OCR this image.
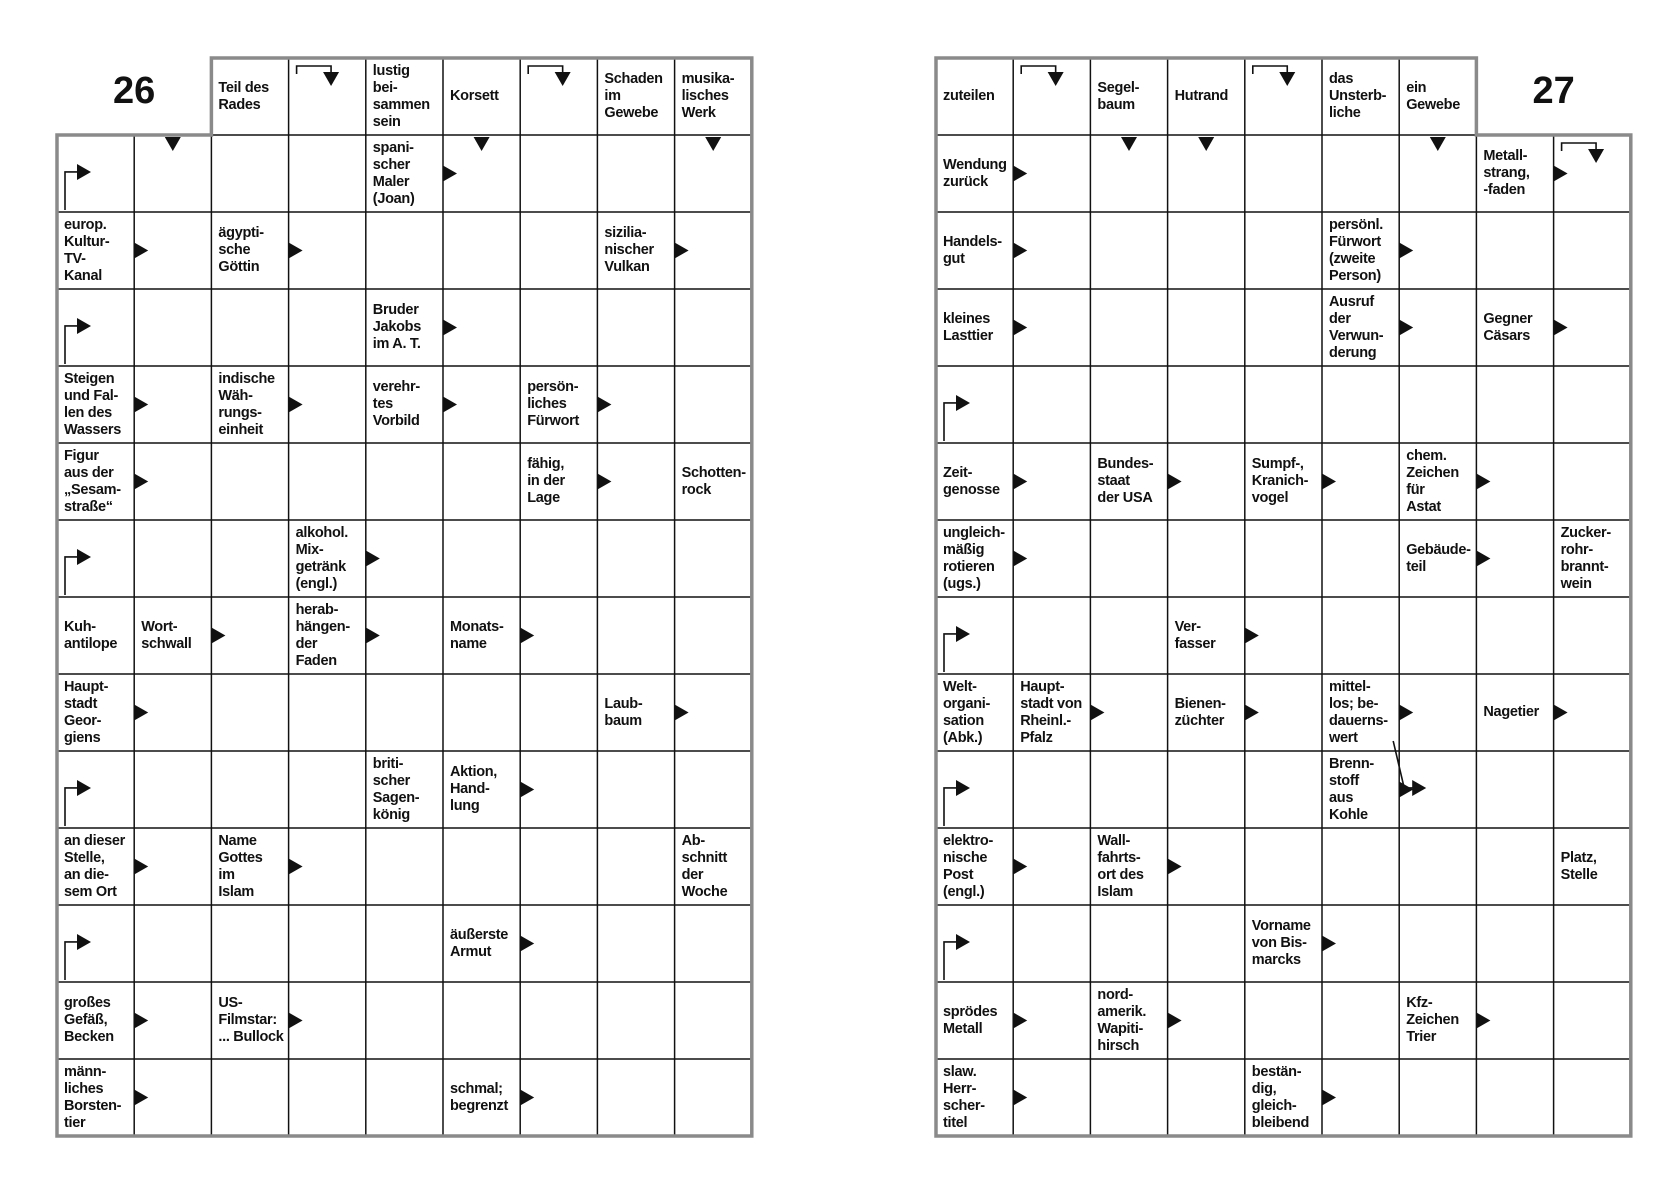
26	27
Teil des
Rades
lustig
bei-
sammen
sein
Korsett
Schaden
im
Gewebe
musika-
lisches
Werk
spani-
scher
Maler
(Joan)
europ.
Kultur-
TV-
Kanal
ägypti-
sche
Göttin
sizilia-
nischer
Vulkan
Bruder
Jakobs
im A. T.
Steigen
und Fal-
len des
Wassers
indische
Wäh-
rungs-
einheit
verehr-
tes
Vorbild
persön-
liches
Fürwort
Figur
aus der
„Sesam-
straße“
fähig,
in der
Lage
Schotten-
rock
alkohol.
Mix-
getränk
(engl.)
Kuh-
antilope
Wort-
schwall
herab-
hängen-
der
Faden
Monats-
name
Haupt-
stadt
Geor-
giens
Laub-
baum
briti-
scher
Sagen-
könig
Aktion,
Hand-
lung
an dieser
Stelle,
an die-
sem Ort
Name
Gottes
im
Islam
Ab-
schnitt
der
Woche
äußerste
Armut
großes
Gefäß,
Becken
US-
Filmstar:
... Bullock
männ-
liches
Borsten-
tier
schmal;
begrenzt
zuteilen
Segel-
baum
Hutrand
das
Unsterb-
liche
ein
Gewebe
Wendung
zurück
Metall-
strang,
-faden
Handels-
gut
persönl.
Fürwort
(zweite
Person)
kleines
Lasttier
Ausruf
der
Verwun-
derung
Gegner
Cäsars
Zeit-
genosse
Bundes-
staat
der USA
Sumpf-,
Kranich-
vogel
chem.
Zeichen
für
Astat
ungleich-
mäßig
rotieren
(ugs.)
Gebäude-
teil
Zucker-
rohr-
brannt-
wein
Ver-
fasser
Welt-
organi-
sation
(Abk.)
Haupt-
stadt von
Rheinl.-
Pfalz
Bienen-
züchter
mittel-
los; be-
dauerns-
wert
Nagetier
Brenn-
stoff
aus
Kohle
elektro-
nische
Post
(engl.)
Wall-
fahrts-
ort des
Islam
Platz,
Stelle
Vorname
von Bis-
marcks
sprödes
Metall
nord-
amerik.
Wapiti-
hirsch
Kfz-
Zeichen
Trier
slaw.
Herr-
scher-
titel
bestän-
dig,
gleich-
bleibend
